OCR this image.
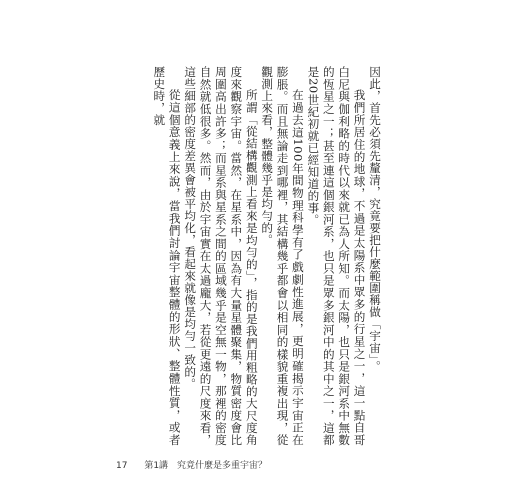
因此，首先必須先釐清，究竟要把什麼範圍稱做「宇宙」。

我們所居住的地球，不過是太陽系中眾多的行星之一，這一點自哥白尼與伽利略的時代以來就已為人所知。而太陽，也只是銀河系中無數的恆星之一；甚至連這個銀河系，也只是眾多銀河中的其中之一，這都是20世紀初就已經知道的事。

在過去這100年間物理科學有了戲劇性進展，更明確揭示宇宙正在膨脹。而且無論走到哪裡，其結構幾乎都會以相同的樣貌重複出現，從觀測上來看，整體幾乎是均勻的。

所謂「從結構觀測上看來是均勻的」，指的是我們用粗略的大尺度角度來觀察宇宙。當然，在星系中，因為有大量星體聚集，物質密度會比周圍高出許多；而星系與星系之間的區域幾乎是空無一物，那裡的密度自然就低很多。然而，由於宇宙實在太過龐大，若從更遠的尺度來看，這些細部的密度差異會被平均化，看起來就像是均勻一致的。

從這個意義上來說，當我們討論宇宙整體的形狀、整體性質，或者歷史時，就

17 第1講 究竟什麼是多重宇宙？
